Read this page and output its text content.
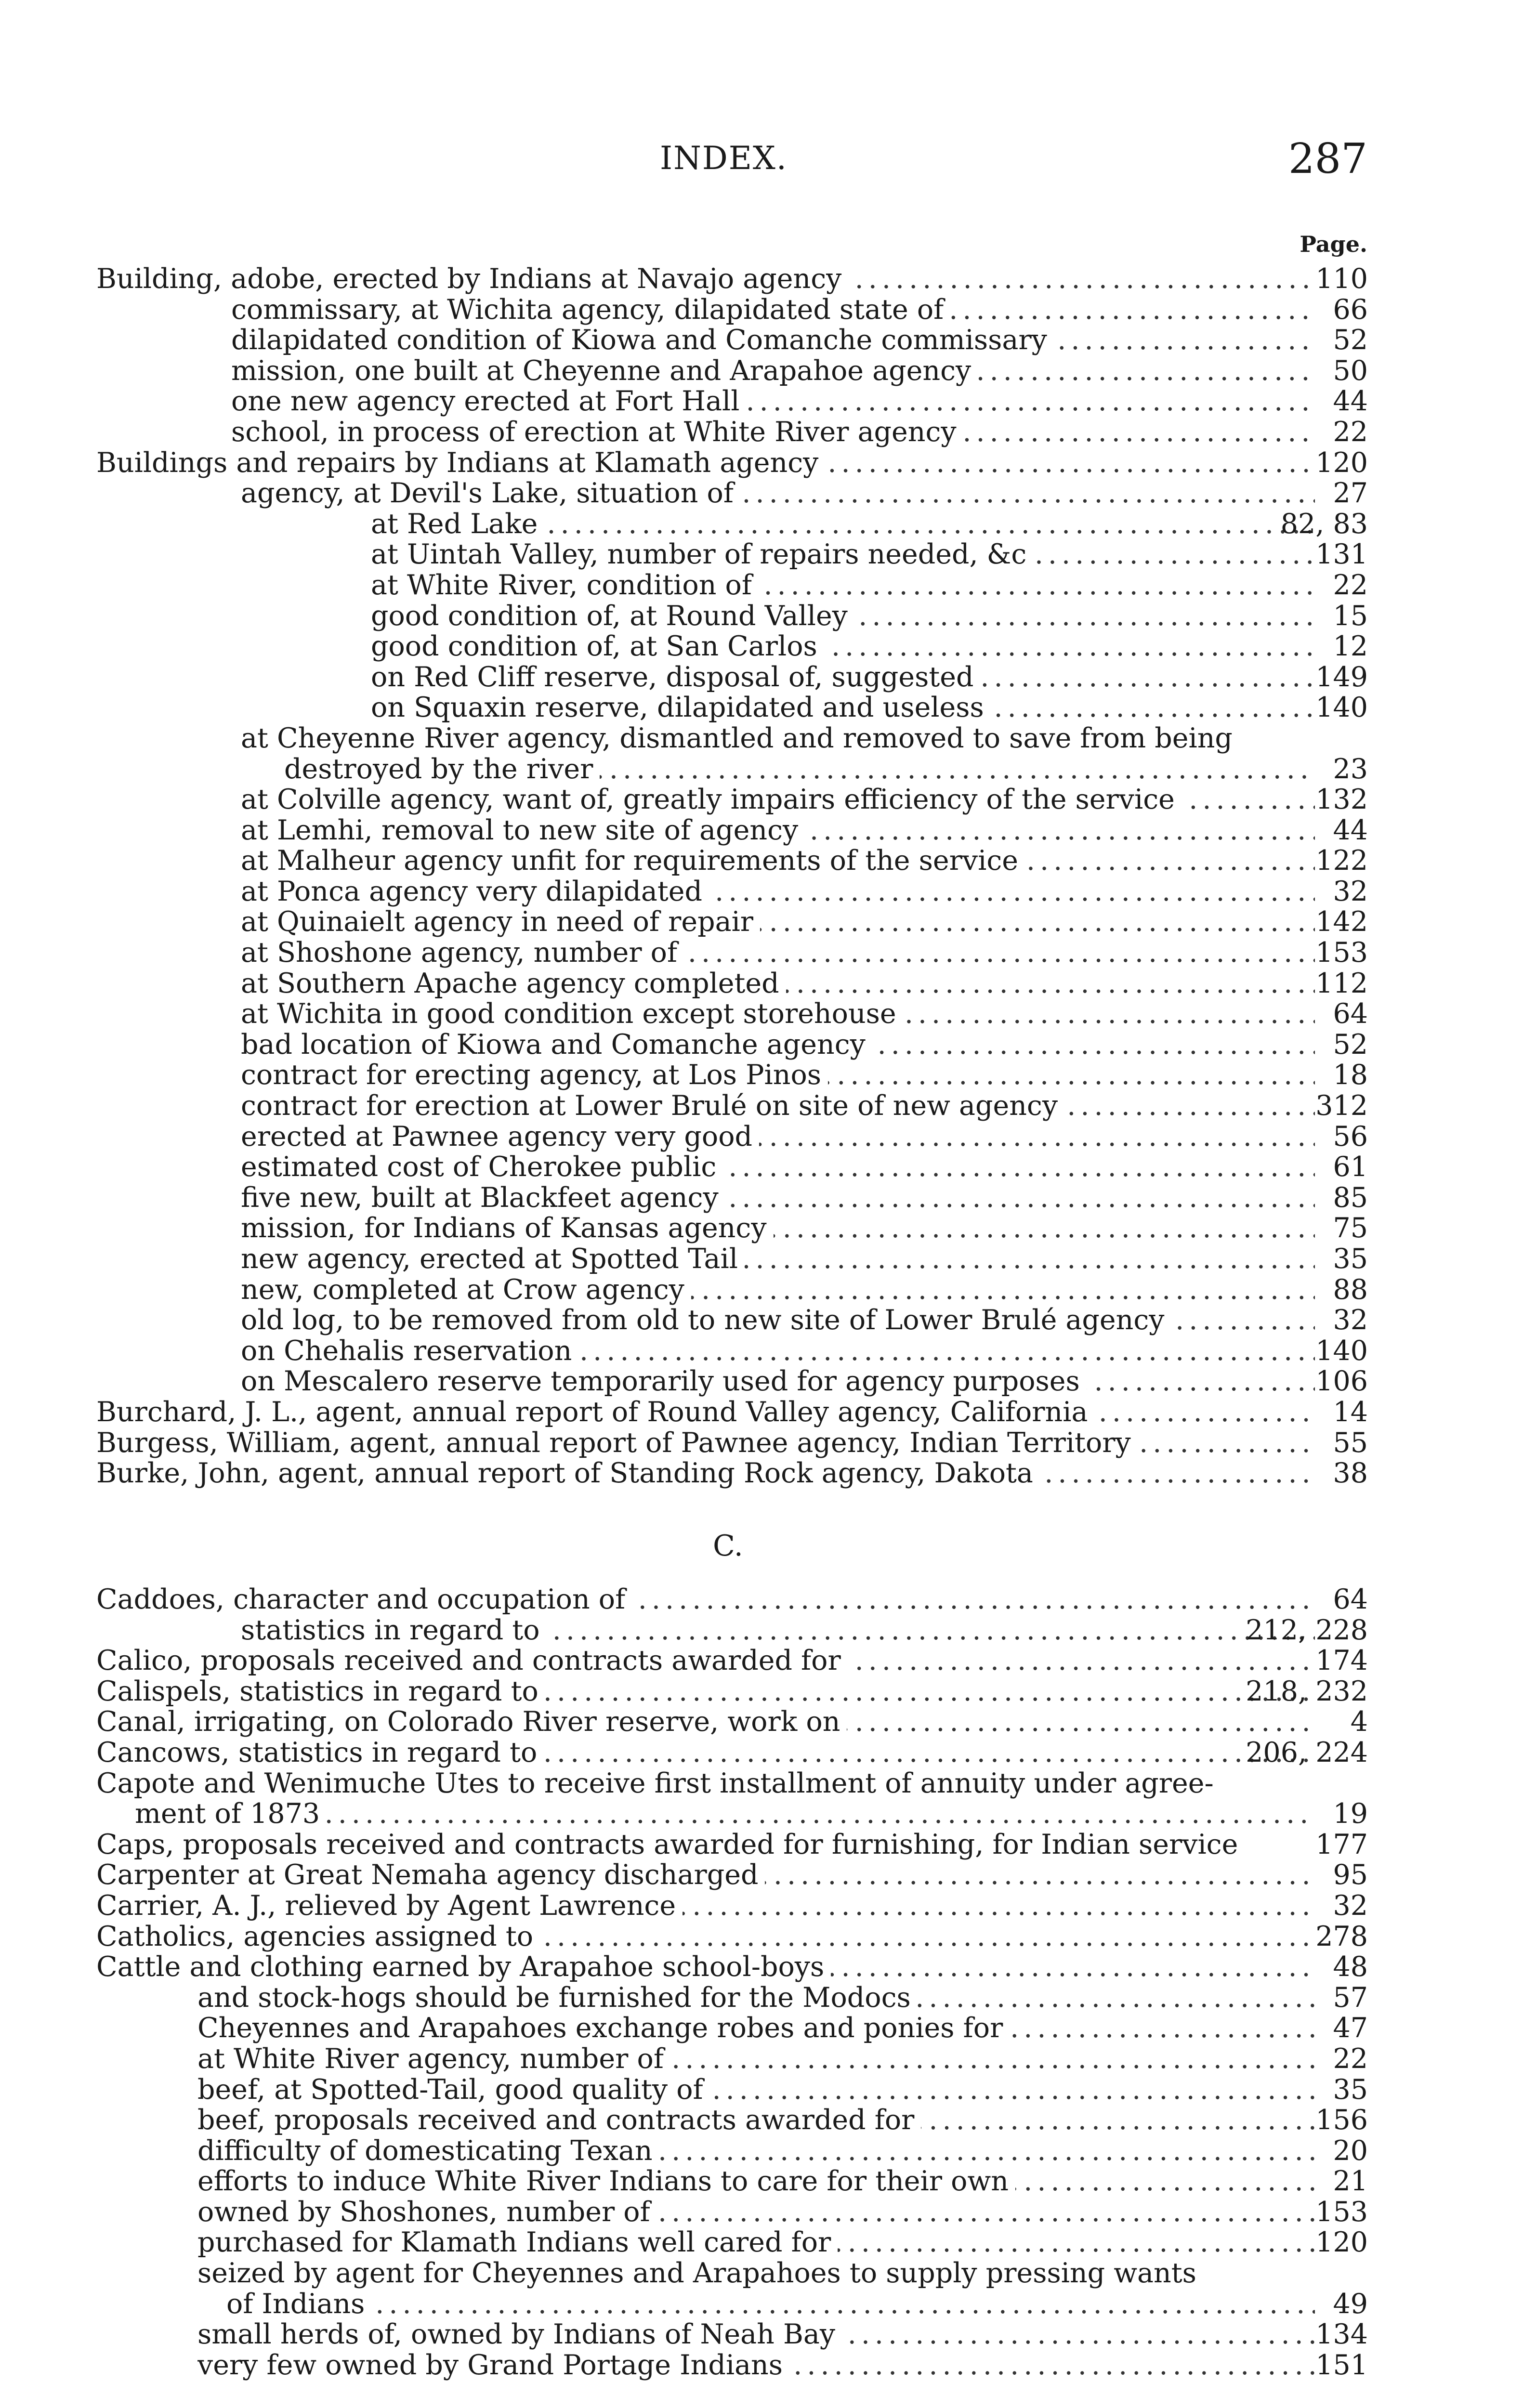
INDEX.	287
Page.
Building, adobe, erected by Indians at Navajo agency .....	110
commissary, at Wichita agency, dilapidated state of .....	66
dilapidated condition of Kiowa and Comanche commissary .....	52
mission, one built at Cheyenne and Arapahoe agency .....	50
one new agency erected at Fort Hall .....	44
school, in process of erection at White River agency .....	22
Buildings and repairs by Indians at Klamath agency .....	120
agency, at Devil's Lake, situation of .....	27
at Red Lake .....	82, 83
at Uintah Valley, number of repairs needed, &c .....	131
at White River, condition of .....	22
good condition of, at Round Valley .....	15
good condition of, at San Carlos .....	12
on Red Cliff reserve, disposal of, suggested .....	149
on Squaxin reserve, dilapidated and useless .....	140
at Cheyenne River agency, dismantled and removed to save from being
destroyed by the river .....	23
at Colville agency, want of, greatly impairs efficiency of the service .....	132
at Lemhi, removal to new site of agency .....	44
at Malheur agency unfit for requirements of the service .....	122
at Ponca agency very dilapidated .....	32
at Quinaielt agency in need of repair .....	142
at Shoshone agency, number of .....	153
at Southern Apache agency completed .....	112
at Wichita in good condition except storehouse .....	64
bad location of Kiowa and Comanche agency .....	52
contract for erecting agency, at Los Pinos .....	18
contract for erection at Lower Brulé on site of new agency .....	312
erected at Pawnee agency very good .....	56
estimated cost of Cherokee public .....	61
five new, built at Blackfeet agency .....	85
mission, for Indians of Kansas agency .....	75
new agency, erected at Spotted Tail .....	35
new, completed at Crow agency .....	88
old log, to be removed from old to new site of Lower Brulé agency .....	32
on Chehalis reservation .....	140
on Mescalero reserve temporarily used for agency purposes .....	106
Burchard, J. L., agent, annual report of Round Valley agency, California .....	14
Burgess, William, agent, annual report of Pawnee agency, Indian Territory .....	55
Burke, John, agent, annual report of Standing Rock agency, Dakota .....	38
C.
Caddoes, character and occupation of .....	64
statistics in regard to .....	212, 228
Calico, proposals received and contracts awarded for .....	174
Calispels, statistics in regard to .....	218, 232
Canal, irrigating, on Colorado River reserve, work on .....	4
Cancows, statistics in regard to .....	206, 224
Capote and Wenimuche Utes to receive first installment of annuity under agree-
ment of 1873 .....	19
Caps, proposals received and contracts awarded for furnishing, for Indian service	177
Carpenter at Great Nemaha agency discharged .....	95
Carrier, A. J., relieved by Agent Lawrence .....	32
Catholics, agencies assigned to .....	278
Cattle and clothing earned by Arapahoe school-boys .....	48
and stock-hogs should be furnished for the Modocs .....	57
Cheyennes and Arapahoes exchange robes and ponies for .....	47
at White River agency, number of .....	22
beef, at Spotted-Tail, good quality of .....	35
beef, proposals received and contracts awarded for .....	156
difficulty of domesticating Texan .....	20
efforts to induce White River Indians to care for their own .....	21
owned by Shoshones, number of .....	153
purchased for Klamath Indians well cared for .....	120
seized by agent for Cheyennes and Arapahoes to supply pressing wants
of Indians .....	49
small herds of, owned by Indians of Neah Bay .....	134
very few owned by Grand Portage Indians .....	151
